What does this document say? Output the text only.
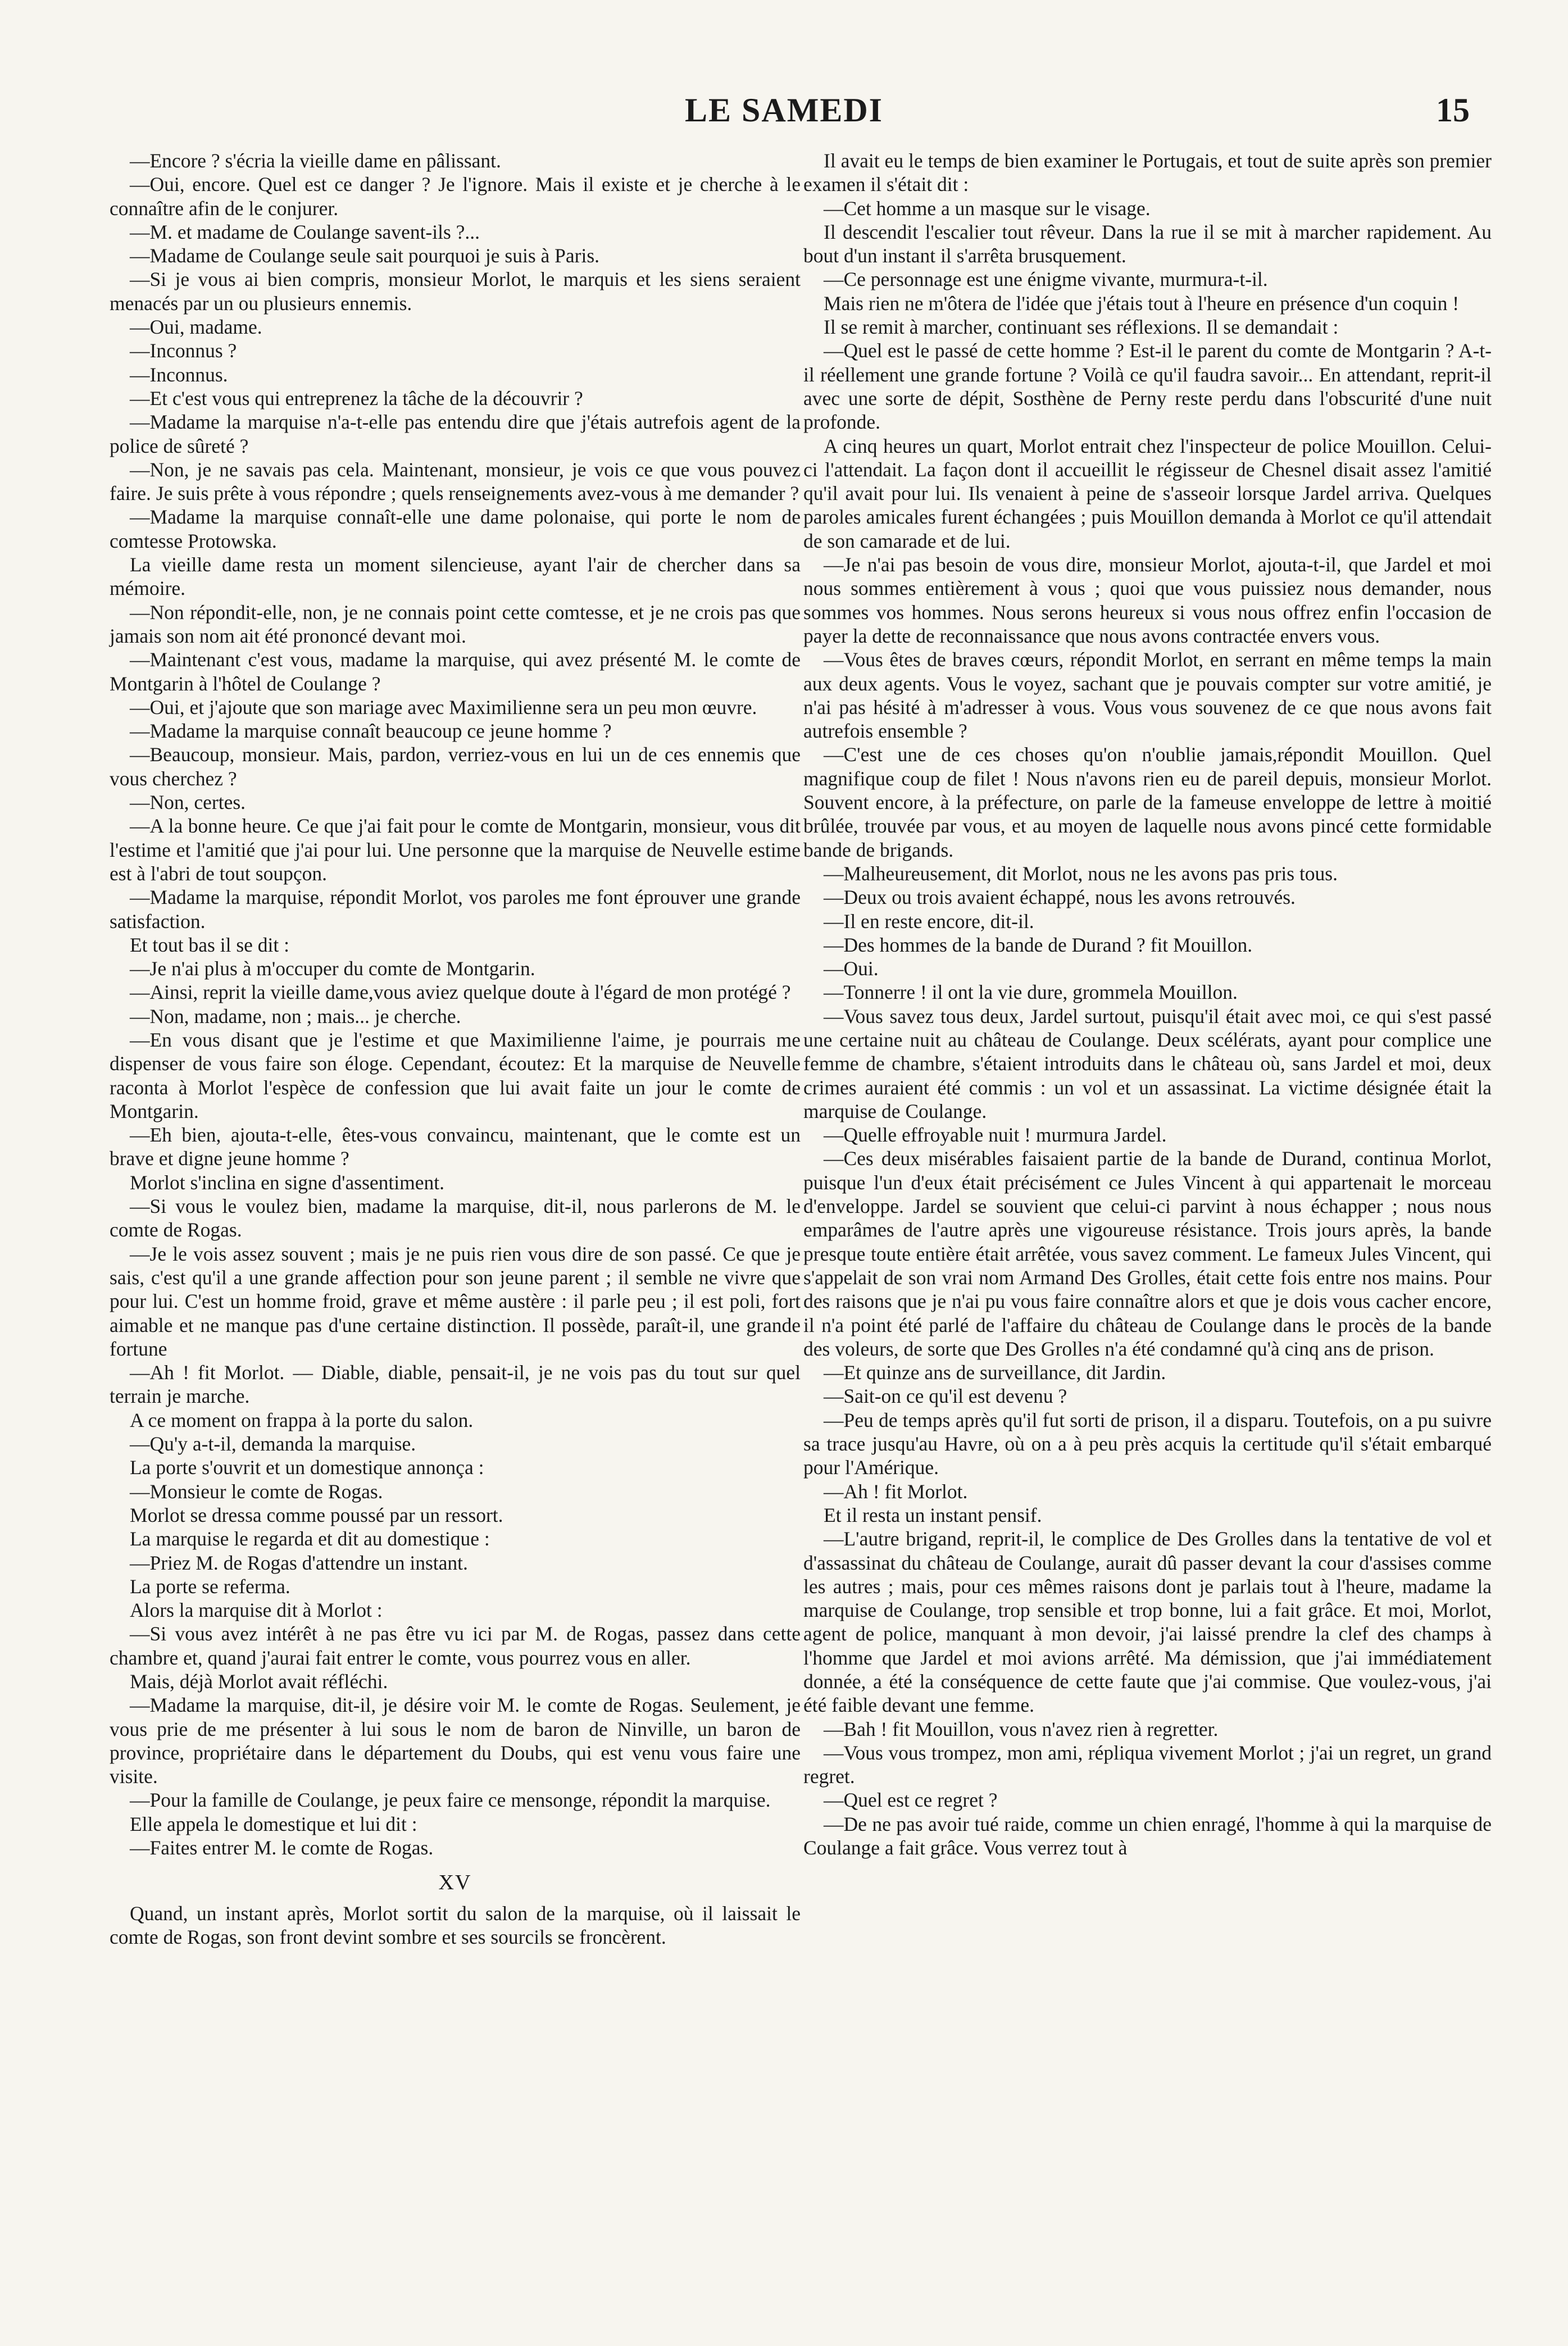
LE SAMEDI	15

—Encore ? s'écria la vieille dame en pâlissant.

—Oui, encore. Quel est ce danger ? Je l'ignore. Mais il existe et je cherche à le connaître afin de le conjurer.

—M. et madame de Coulange savent-ils ?...

—Madame de Coulange seule sait pourquoi je suis à Paris.

—Si je vous ai bien compris, monsieur Morlot, le marquis et les siens seraient menacés par un ou plusieurs ennemis.

—Oui, madame.

—Inconnus ?

—Inconnus.

—Et c'est vous qui entreprenez la tâche de la découvrir ?

—Madame la marquise n'a-t-elle pas entendu dire que j'étais autrefois agent de la police de sûreté ?

—Non, je ne savais pas cela. Maintenant, monsieur, je vois ce que vous pouvez faire. Je suis prête à vous répondre ; quels renseignements avez-vous à me demander ?

—Madame la marquise connaît-elle une dame polonaise, qui porte le nom de comtesse Protowska.

La vieille dame resta un moment silencieuse, ayant l'air de chercher dans sa mémoire.

—Non répondit-elle, non, je ne connais point cette comtesse, et je ne crois pas que jamais son nom ait été prononcé devant moi.

—Maintenant c'est vous, madame la marquise, qui avez présenté M. le comte de Montgarin à l'hôtel de Coulange ?

—Oui, et j'ajoute que son mariage avec Maximilienne sera un peu mon œuvre.

—Madame la marquise connaît beaucoup ce jeune homme ?

—Beaucoup, monsieur. Mais, pardon, verriez-vous en lui un de ces ennemis que vous cherchez ?

—Non, certes.

—A la bonne heure. Ce que j'ai fait pour le comte de Montgarin, monsieur, vous dit l'estime et l'amitié que j'ai pour lui. Une personne que la marquise de Neuvelle estime est à l'abri de tout soupçon.

—Madame la marquise, répondit Morlot, vos paroles me font éprouver une grande satisfaction.

Et tout bas il se dit :

—Je n'ai plus à m'occuper du comte de Montgarin.

—Ainsi, reprit la vieille dame,vous aviez quelque doute à l'égard de mon protégé ?

—Non, madame, non ; mais... je cherche.

—En vous disant que je l'estime et que Maximilienne l'aime, je pourrais me dispenser de vous faire son éloge. Cependant, écoutez: Et la marquise de Neuvelle raconta à Morlot l'espèce de confession que lui avait faite un jour le comte de Montgarin.

—Eh bien, ajouta-t-elle, êtes-vous convaincu, maintenant, que le comte est un brave et digne jeune homme ?

Morlot s'inclina en signe d'assentiment.

—Si vous le voulez bien, madame la marquise, dit-il, nous parlerons de M. le comte de Rogas.

—Je le vois assez souvent ; mais je ne puis rien vous dire de son passé. Ce que je sais, c'est qu'il a une grande affection pour son jeune parent ; il semble ne vivre que pour lui. C'est un homme froid, grave et même austère : il parle peu ; il est poli, fort aimable et ne manque pas d'une certaine distinction. Il possède, paraît-il, une grande fortune

—Ah ! fit Morlot. — Diable, diable, pensait-il, je ne vois pas du tout sur quel terrain je marche.

A ce moment on frappa à la porte du salon.

—Qu'y a-t-il, demanda la marquise.

La porte s'ouvrit et un domestique annonça :

—Monsieur le comte de Rogas.

Morlot se dressa comme poussé par un ressort.

La marquise le regarda et dit au domestique :

—Priez M. de Rogas d'attendre un instant.

La porte se referma.

Alors la marquise dit à Morlot :

—Si vous avez intérêt à ne pas être vu ici par M. de Rogas, passez dans cette chambre et, quand j'aurai fait entrer le comte, vous pourrez vous en aller.

Mais, déjà Morlot avait réfléchi.

—Madame la marquise, dit-il, je désire voir M. le comte de Rogas. Seulement, je vous prie de me présenter à lui sous le nom de baron de Ninville, un baron de province, propriétaire dans le département du Doubs, qui est venu vous faire une visite.

—Pour la famille de Coulange, je peux faire ce mensonge, répondit la marquise.

Elle appela le domestique et lui dit :

—Faites entrer M. le comte de Rogas.

XV

Quand, un instant après, Morlot sortit du salon de la marquise, où il laissait le comte de Rogas, son front devint sombre et ses sourcils se froncèrent.

Il avait eu le temps de bien examiner le Portugais, et tout de suite après son premier examen il s'était dit :

—Cet homme a un masque sur le visage.

Il descendit l'escalier tout rêveur. Dans la rue il se mit à marcher rapidement. Au bout d'un instant il s'arrêta brusquement.

—Ce personnage est une énigme vivante, murmura-t-il.

Mais rien ne m'ôtera de l'idée que j'étais tout à l'heure en présence d'un coquin !

Il se remit à marcher, continuant ses réflexions. Il se demandait :

—Quel est le passé de cette homme ? Est-il le parent du comte de Montgarin ? A-t-il réellement une grande fortune ? Voilà ce qu'il faudra savoir... En attendant, reprit-il avec une sorte de dépit, Sosthène de Perny reste perdu dans l'obscurité d'une nuit profonde.

A cinq heures un quart, Morlot entrait chez l'inspecteur de police Mouillon. Celui-ci l'attendait. La façon dont il accueillit le régisseur de Chesnel disait assez l'amitié qu'il avait pour lui. Ils venaient à peine de s'asseoir lorsque Jardel arriva. Quelques paroles amicales furent échangées ; puis Mouillon demanda à Morlot ce qu'il attendait de son camarade et de lui.

—Je n'ai pas besoin de vous dire, monsieur Morlot, ajouta-t-il, que Jardel et moi nous sommes entièrement à vous ; quoi que vous puissiez nous demander, nous sommes vos hommes. Nous serons heureux si vous nous offrez enfin l'occasion de payer la dette de reconnaissance que nous avons contractée envers vous.

—Vous êtes de braves cœurs, répondit Morlot, en serrant en même temps la main aux deux agents. Vous le voyez, sachant que je pouvais compter sur votre amitié, je n'ai pas hésité à m'adresser à vous. Vous vous souvenez de ce que nous avons fait autrefois ensemble ?

—C'est une de ces choses qu'on n'oublie jamais,répondit Mouillon. Quel magnifique coup de filet ! Nous n'avons rien eu de pareil depuis, monsieur Morlot. Souvent encore, à la préfecture, on parle de la fameuse enveloppe de lettre à moitié brûlée, trouvée par vous, et au moyen de laquelle nous avons pincé cette formidable bande de brigands.

—Malheureusement, dit Morlot, nous ne les avons pas pris tous.

—Deux ou trois avaient échappé, nous les avons retrouvés.

—Il en reste encore, dit-il.

—Des hommes de la bande de Durand ? fit Mouillon.

—Oui.

—Tonnerre ! il ont la vie dure, grommela Mouillon.

—Vous savez tous deux, Jardel surtout, puisqu'il était avec moi, ce qui s'est passé une certaine nuit au château de Coulange. Deux scélérats, ayant pour complice une femme de chambre, s'étaient introduits dans le château où, sans Jardel et moi, deux crimes auraient été commis : un vol et un assassinat. La victime désignée était la marquise de Coulange.

—Quelle effroyable nuit ! murmura Jardel.

—Ces deux misérables faisaient partie de la bande de Durand, continua Morlot, puisque l'un d'eux était précisément ce Jules Vincent à qui appartenait le morceau d'enveloppe. Jardel se souvient que celui-ci parvint à nous échapper ; nous nous emparâmes de l'autre après une vigoureuse résistance. Trois jours après, la bande presque toute entière était arrêtée, vous savez comment. Le fameux Jules Vincent, qui s'appelait de son vrai nom Armand Des Grolles, était cette fois entre nos mains. Pour des raisons que je n'ai pu vous faire connaître alors et que je dois vous cacher encore, il n'a point été parlé de l'affaire du château de Coulange dans le procès de la bande des voleurs, de sorte que Des Grolles n'a été condamné qu'à cinq ans de prison.

—Et quinze ans de surveillance, dit Jardin.

—Sait-on ce qu'il est devenu ?

—Peu de temps après qu'il fut sorti de prison, il a disparu. Toutefois, on a pu suivre sa trace jusqu'au Havre, où on a à peu près acquis la certitude qu'il s'était embarqué pour l'Amérique.

—Ah ! fit Morlot.

Et il resta un instant pensif.

—L'autre brigand, reprit-il, le complice de Des Grolles dans la tentative de vol et d'assassinat du château de Coulange, aurait dû passer devant la cour d'assises comme les autres ; mais, pour ces mêmes raisons dont je parlais tout à l'heure, madame la marquise de Coulange, trop sensible et trop bonne, lui a fait grâce. Et moi, Morlot, agent de police, manquant à mon devoir, j'ai laissé prendre la clef des champs à l'homme que Jardel et moi avions arrêté. Ma démission, que j'ai immédiatement donnée, a été la conséquence de cette faute que j'ai commise. Que voulez-vous, j'ai été faible devant une femme.

—Bah ! fit Mouillon, vous n'avez rien à regretter.

—Vous vous trompez, mon ami, répliqua vivement Morlot ; j'ai un regret, un grand regret.

—Quel est ce regret ?

—De ne pas avoir tué raide, comme un chien enragé, l'homme à qui la marquise de Coulange a fait grâce. Vous verrez tout à
